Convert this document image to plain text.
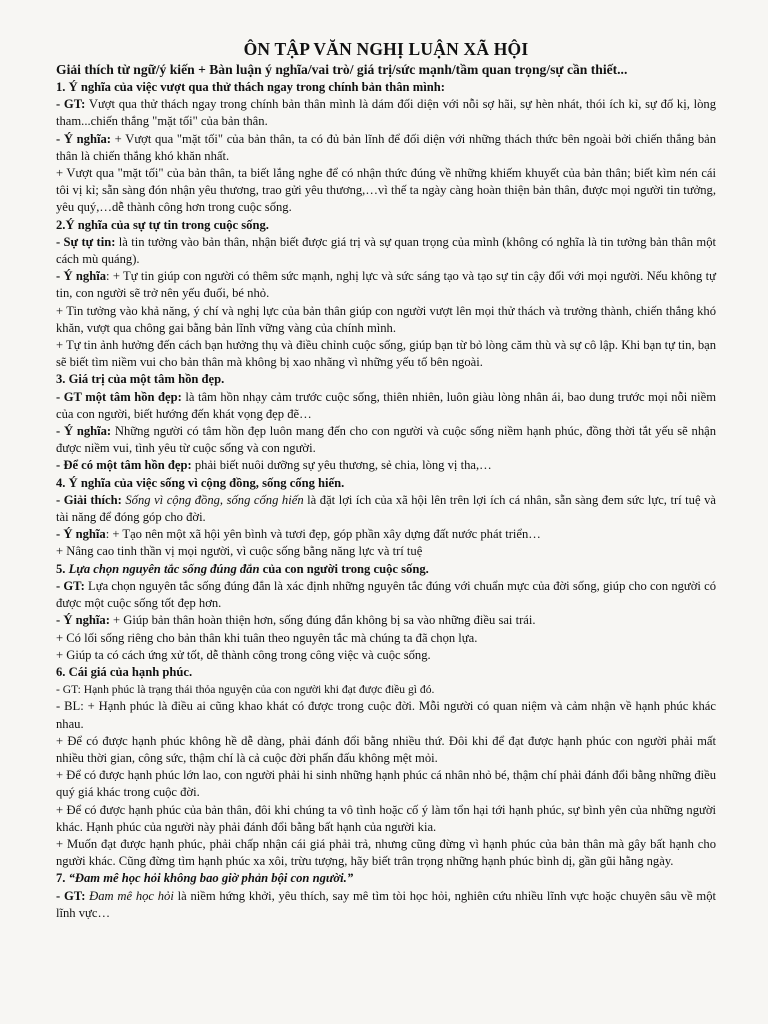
ÔN TẬP VĂN NGHỊ LUẬN XÃ HỘI
Giải thích từ ngữ/ý kiến + Bàn luận ý nghĩa/vai trò/ giá trị/sức mạnh/tầm quan trọng/sự cần thiết...
1. Ý nghĩa của việc vượt qua thử thách ngay trong chính bản thân mình:
- GT: Vượt qua thử thách ngay trong chính bản thân mình là dám đối diện với nỗi sợ hãi, sự hèn nhát, thói ích kỉ, sự đố kị, lòng tham...chiến thắng "mặt tối" của bản thân.
- Ý nghĩa: + Vượt qua "mặt tối" của bản thân, ta có đủ bản lĩnh để đối diện với những thách thức bên ngoài bởi chiến thắng bản thân là chiến thắng khó khăn nhất.
+ Vượt qua "mặt tối" của bản thân, ta biết lắng nghe để có nhận thức đúng về những khiếm khuyết của bản thân; biết kìm nén cái tôi vị kỉ; sẵn sàng đón nhận yêu thương, trao gửi yêu thương,…vì thế ta ngày càng hoàn thiện bản thân, được mọi người tin tưởng, yêu quý,…dễ thành công hơn trong cuộc sống.
2.Ý nghĩa của sự tự tin trong cuộc sống.
- Sự tự tin: là tin tưởng vào bản thân, nhận biết được giá trị và sự quan trọng của mình (không có nghĩa là tin tưởng bản thân một cách mù quáng).
- Ý nghĩa: + Tự tin giúp con người có thêm sức mạnh, nghị lực và sức sáng tạo và tạo sự tin cậy đối với mọi người. Nếu không tự tin, con người sẽ trở nên yếu đuối, bé nhỏ.
+ Tin tưởng vào khả năng, ý chí và nghị lực của bản thân giúp con người vượt lên mọi thử thách và trưởng thành, chiến thắng khó khăn, vượt qua chông gai bằng bản lĩnh vững vàng của chính mình.
+ Tự tin ảnh hưởng đến cách bạn hưởng thụ và điều chỉnh cuộc sống, giúp bạn từ bỏ lòng căm thù và sự cô lập. Khi bạn tự tin, bạn sẽ biết tìm niềm vui cho bản thân mà không bị xao nhãng vì những yếu tố bên ngoài.
3. Giá trị của một tâm hồn đẹp.
- GT một tâm hồn đẹp: là tâm hồn nhạy cảm trước cuộc sống, thiên nhiên, luôn giàu lòng nhân ái, bao dung trước mọi nỗi niềm của con người, biết hướng đến khát vọng đẹp đẽ…
- Ý nghĩa: Những người có tâm hồn đẹp luôn mang đến cho con người và cuộc sống niềm hạnh phúc, đồng thời tắt yếu sẽ nhận được niềm vui, tình yêu từ cuộc sống và con người.
- Để có một tâm hồn đẹp: phải biết nuôi dưỡng sự yêu thương, sẻ chia, lòng vị tha,…
4. Ý nghĩa của việc sống vì cộng đồng, sống cống hiến.
- Giải thích: Sống vì cộng đồng, sống cống hiến là đặt lợi ích của xã hội lên trên lợi ích cá nhân, sẵn sàng đem sức lực, trí tuệ và tài năng để đóng góp cho đời.
- Ý nghĩa: + Tạo nên một xã hội yên bình và tươi đẹp, góp phần xây dựng đất nước phát triển…
+ Nâng cao tinh thần vị mọi người, vì cuộc sống bằng năng lực và trí tuệ
5. Lựa chọn nguyên tắc sống đúng đắn của con người trong cuộc sống.
- GT: Lựa chọn nguyên tắc sống đúng đắn là xác định những nguyên tắc đúng với chuẩn mực của đời sống, giúp cho con người có được một cuộc sống tốt đẹp hơn.
- Ý nghĩa: + Giúp bản thân hoàn thiện hơn, sống đúng đắn không bị sa vào những điều sai trái.
+ Có lối sống riêng cho bản thân khi tuân theo nguyên tắc mà chúng ta đã chọn lựa.
+ Giúp ta có cách ứng xử tốt, dễ thành công trong công việc và cuộc sống.
6. Cái giá của hạnh phúc.
- GT: Hạnh phúc là trạng thái thỏa nguyện của con người khi đạt được điều gì đó.
- BL: + Hạnh phúc là điều ai cũng khao khát có được trong cuộc đời. Mỗi người có quan niệm và cảm nhận về hạnh phúc khác nhau.
+ Để có được hạnh phúc không hề dễ dàng, phải đánh đổi bằng nhiều thứ. Đôi khi để đạt được hạnh phúc con người phải mất nhiều thời gian, công sức, thậm chí là cả cuộc đời phấn đấu không mệt mỏi.
+ Để có được hạnh phúc lớn lao, con người phải hi sinh những hạnh phúc cá nhân nhỏ bé, thậm chí phải đánh đổi bằng những điều quý giá khác trong cuộc đời.
+ Để có được hạnh phúc của bản thân, đôi khi chúng ta vô tình hoặc cố ý làm tổn hại tới hạnh phúc, sự bình yên của những người khác. Hạnh phúc của người này phải đánh đổi bằng bất hạnh của người kia.
+ Muốn đạt được hạnh phúc, phải chấp nhận cái giá phải trả, nhưng cũng đừng vì hạnh phúc của bản thân mà gây bất hạnh cho người khác. Cũng đừng tìm hạnh phúc xa xôi, trừu tượng, hãy biết trân trọng những hạnh phúc bình dị, gần gũi hằng ngày.
7. “Đam mê học hỏi không bao giờ phản bội con người.”
- GT: Đam mê học hỏi là niềm hứng khởi, yêu thích, say mê tìm tòi học hỏi, nghiên cứu nhiều lĩnh vực hoặc chuyên sâu về một lĩnh vực…
